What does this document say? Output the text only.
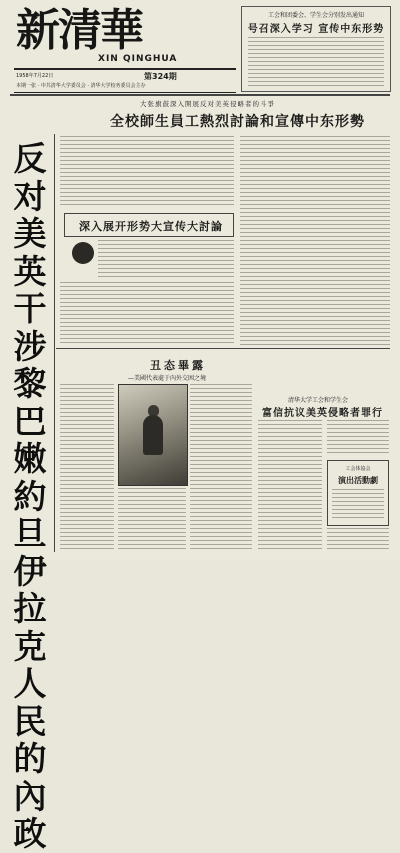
新清華
XIN QINGHUA
1958年7月22日	第324期
本期一张 · 中共清华大学委员会 · 清华大学校务委员会主办
工会和团委会、学生会分别发出通知
号召深入学习 宣传中东形势
大张旗鼓深入開展反对美英侵略者的斗爭
全校師生員工熱烈討論和宣傳中东形勢
反对美英干涉黎巴嫩約旦伊拉克人民的內政
深入展开形势大宣传大討論
丑态畢露
—美國代表處于內外交困之境
清华大学工会和学生会
富信抗议美英侵略者罪行
工会体協会
演出活動劇
